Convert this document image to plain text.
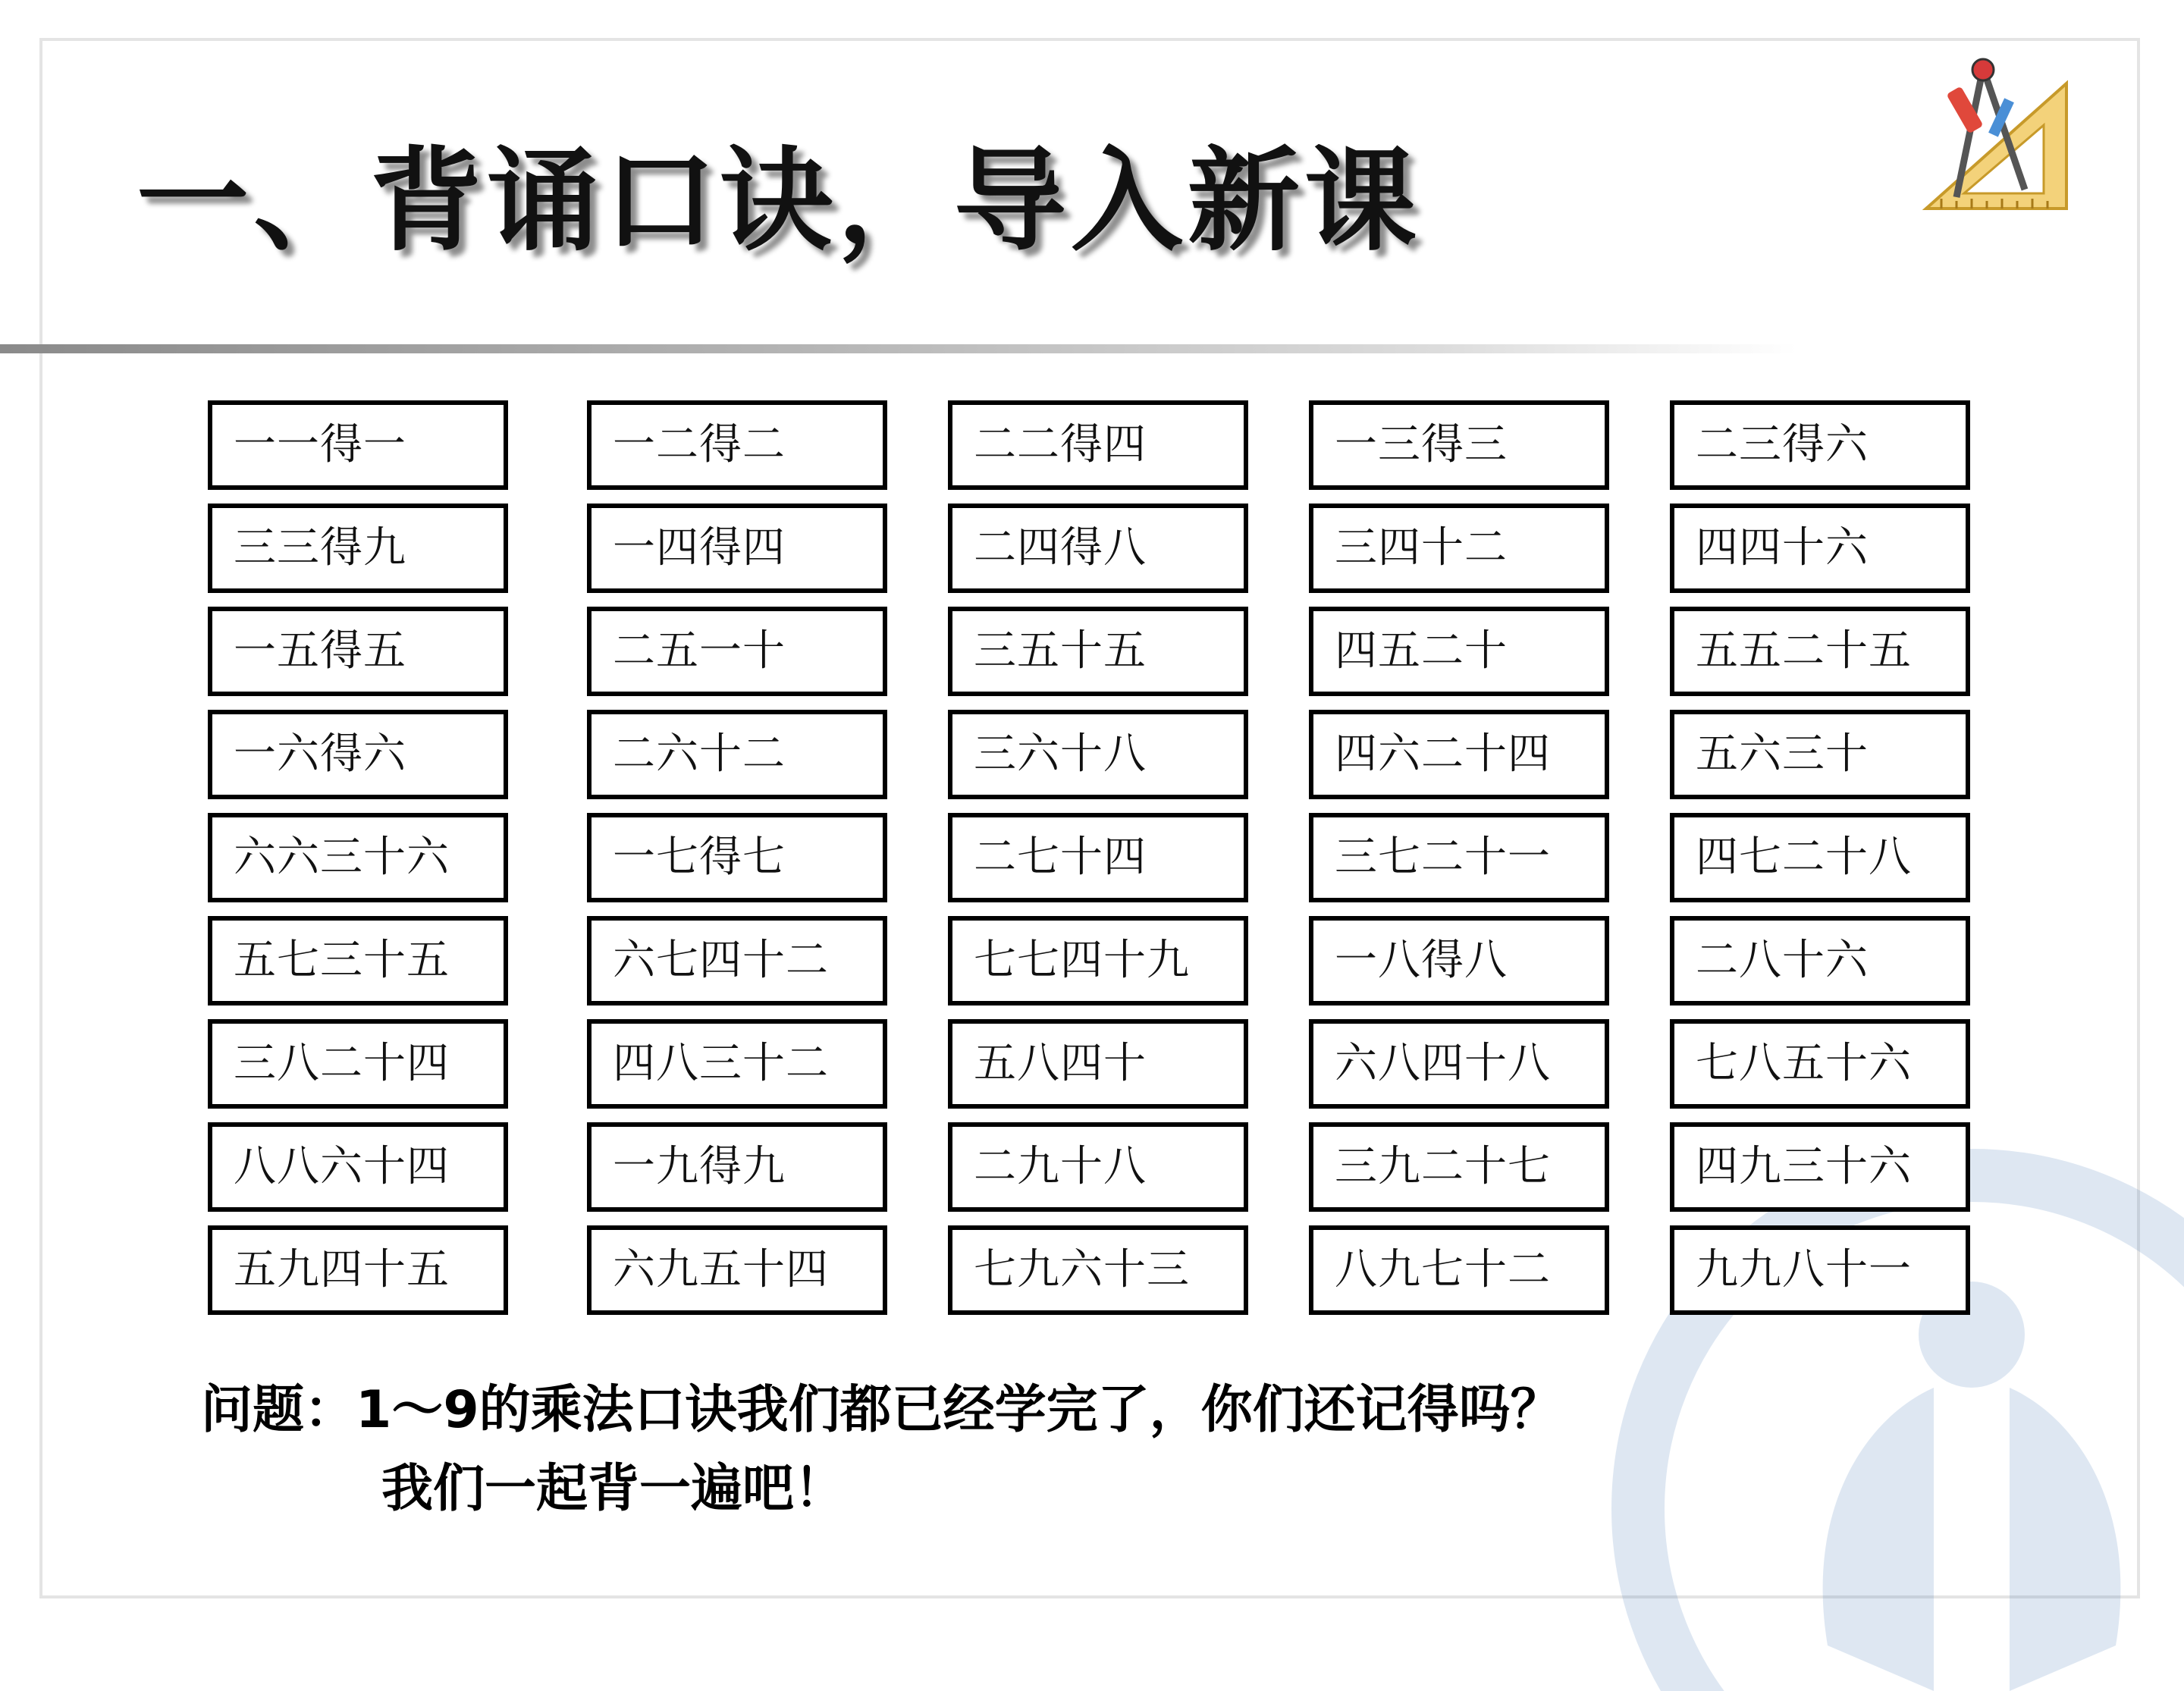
一、背诵口诀，导入新课
一一得一
三三得九
一五得五
一六得六
六六三十六
五七三十五
三八二十四
八八六十四
五九四十五
一二得二
一四得四
二五一十
二六十二
一七得七
六七四十二
四八三十二
一九得九
六九五十四
二二得四
二四得八
三五十五
三六十八
二七十四
七七四十九
五八四十
二九十八
七九六十三
一三得三
三四十二
四五二十
四六二十四
三七二十一
一八得八
六八四十八
三九二十七
八九七十二
二三得六
四四十六
五五二十五
五六三十
四七二十八
二八十六
七八五十六
四九三十六
九九八十一
问题：1～9的乘法口诀我们都已经学完了，你们还记得吗？
我们一起背一遍吧！
